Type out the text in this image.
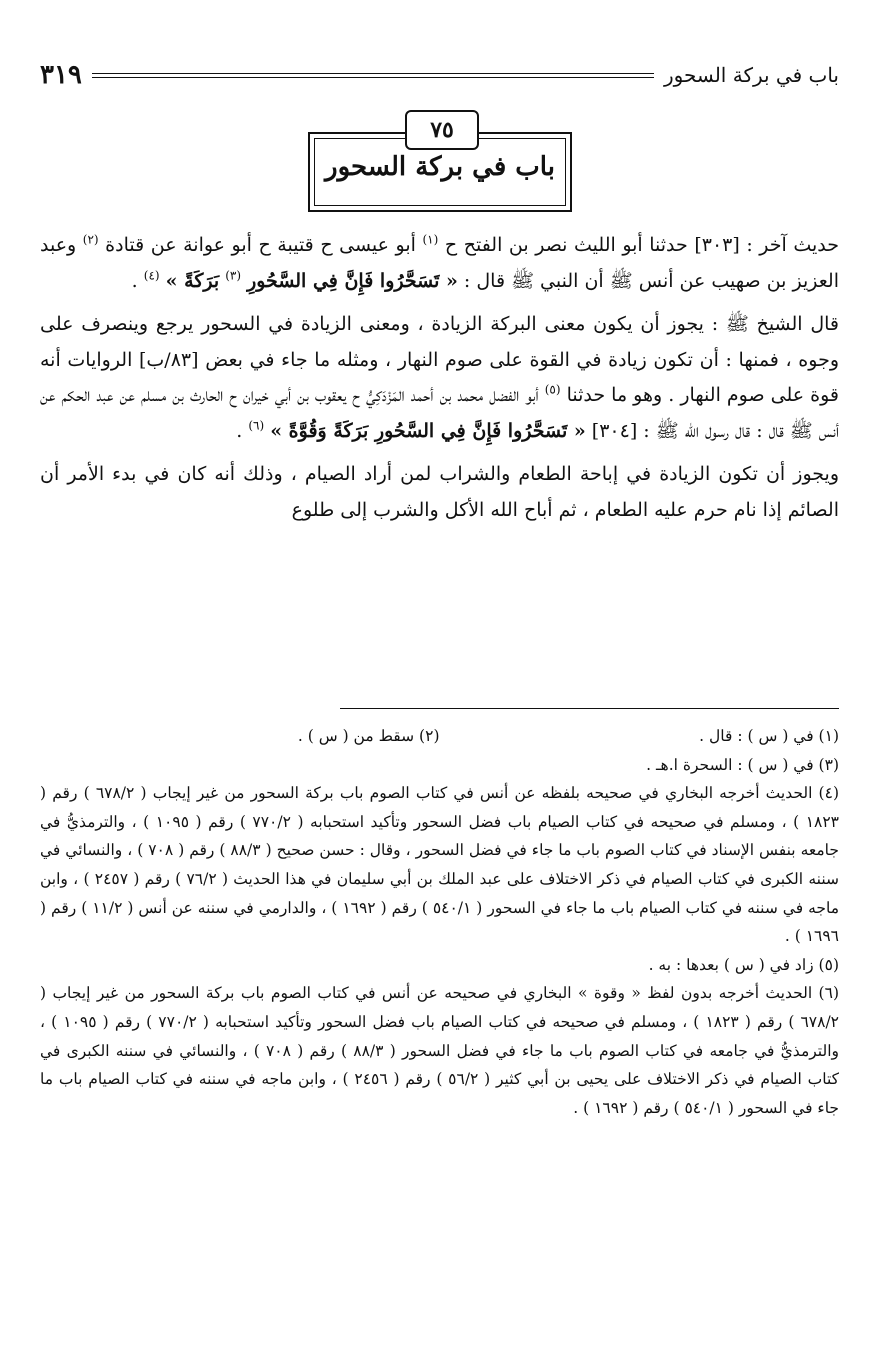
باب في بركة السحور
٣١٩
٧٥
باب في بركة السحور

حديث آخر : [٣٠٣] حدثنا أبو الليث نصر بن الفتح ح $^{(١)}$ أبو عيسى ح قتيبة ح أبو عوانة عن قتادة $^{(٢)}$ وعبد العزيز بن صهيب عن أنس ﷺ أن النبي ﷺ قال : « تَسَحَّرُوا فَإِنَّ فِي السَّحُورِ $^{(٣)}$ بَرَكَةً » $^{(٤)}$ .

قال الشيخ ﷺ : يجوز أن يكون معنى البركة الزيادة ، ومعنى الزيادة في السحور يرجع وينصرف على وجوه ، فمنها : أن تكون زيادة في القوة على صوم النهار ، ومثله ما جاء في بعض [٨٣/ب] الروايات أنه قوة على صوم النهار . وهو ما حدثنا $^{(٥)}$ أبو الفضل محمد بن أحمد المَزْدَكِيُّ ح يعقوب بن أبي خيران ح الحارث بن مسلم عن عبد الحكم عن أنس ﷺ قال : قال رسول الله ﷺ : [٣٠٤] « تَسَحَّرُوا فَإِنَّ فِي السَّحُورِ بَرَكَةً وَقُوَّةً » $^{(٦)}$ .

ويجوز أن تكون الزيادة في إباحة الطعام والشراب لمن أراد الصيام ، وذلك أنه كان في بدء الأمر أن الصائم إذا نام حرم عليه الطعام ، ثم أباح الله الأكل والشرب إلى طلوع

(١) في ( س ) : قال .

(٢) سقط من ( س ) .

(٣) في ( س ) : السحرة ا.هـ .

(٤) الحديث أخرجه البخاري في صحيحه بلفظه عن أنس في كتاب الصوم باب بركة السحور من غير إيجاب ( ٦٧٨/٢ ) رقم ( ١٨٢٣ ) ، ومسلم في صحيحه في كتاب الصيام باب فضل السحور وتأكيد استحبابه ( ٧٧٠/٢ ) رقم ( ١٠٩٥ ) ، والترمذيُّ في جامعه بنفس الإسناد في كتاب الصوم باب ما جاء في فضل السحور ، وقال : حسن صحيح ( ٨٨/٣ ) رقم ( ٧٠٨ ) ، والنسائي في سننه الكبرى في كتاب الصيام في ذكر الاختلاف على عبد الملك بن أبي سليمان في هذا الحديث ( ٧٦/٢ ) رقم ( ٢٤٥٧ ) ، وابن ماجه في سننه في كتاب الصيام باب ما جاء في السحور ( ٥٤٠/١ ) رقم ( ١٦٩٢ ) ، والدارمي في سننه عن أنس ( ١١/٢ ) رقم ( ١٦٩٦ ) .

(٥) زاد في ( س ) بعدها : به .

(٦) الحديث أخرجه بدون لفظ « وقوة » البخاري في صحيحه عن أنس في كتاب الصوم باب بركة السحور من غير إيجاب ( ٦٧٨/٢ ) رقم ( ١٨٢٣ ) ، ومسلم في صحيحه في كتاب الصيام باب فضل السحور وتأكيد استحبابه ( ٧٧٠/٢ ) رقم ( ١٠٩٥ ) ، والترمذيُّ في جامعه في كتاب الصوم باب ما جاء في فضل السحور ( ٨٨/٣ ) رقم ( ٧٠٨ ) ، والنسائي في سننه الكبرى في كتاب الصيام في ذكر الاختلاف على يحيى بن أبي كثير ( ٥٦/٢ ) رقم ( ٢٤٥٦ ) ، وابن ماجه في سننه في كتاب الصيام باب ما جاء في السحور ( ٥٤٠/١ ) رقم ( ١٦٩٢ ) .
